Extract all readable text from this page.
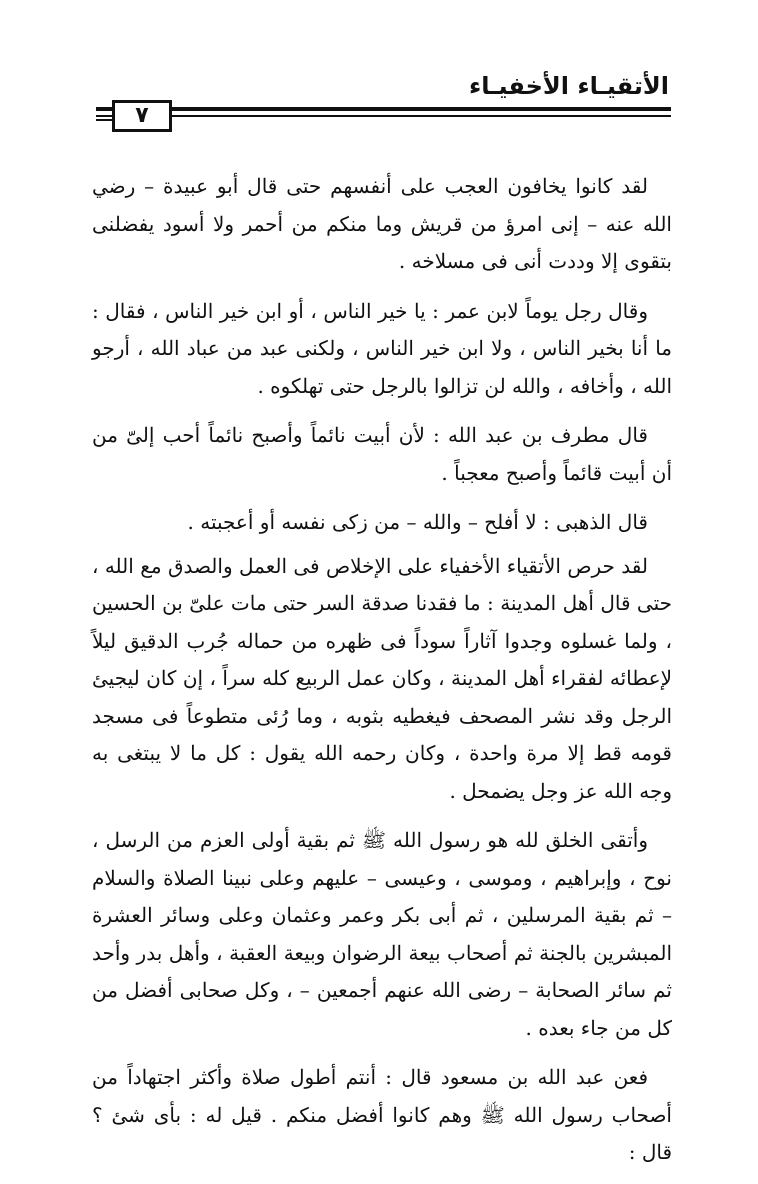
الأتقيـاء الأخفيـاء
٧

لقد كانوا يخافون العجب على أنفسهم حتى قال أبو عبيدة – رضي الله عنه – إنى امرؤ من قريش وما منكم من أحمر ولا أسود يفضلنى بتقوى إلا وددت أنى فى مسلاخه .

وقال رجل يوماً لابن عمر : يا خير الناس ، أو ابن خير الناس ، فقال : ما أنا بخير الناس ، ولا ابن خير الناس ، ولكنى عبد من عباد الله ، أرجو الله ، وأخافه ، والله لن تزالوا بالرجل حتى تهلكوه .

قال مطرف بن عبد الله : لأن أبيت نائماً وأصبح نائماً أحب إلىّ من أن أبيت قائماً وأصبح معجباً .

قال الذهبى : لا أفلح – والله – من زكى نفسه أو أعجبته .

لقد حرص الأتقياء الأخفياء على الإخلاص فى العمل والصدق مع الله ، حتى قال أهل المدينة : ما فقدنا صدقة السر حتى مات علىّ بن الحسين ، ولما غسلوه وجدوا آثاراً سوداً فى ظهره من حماله جُرب الدقيق ليلاً لإعطائه لفقراء أهل المدينة ، وكان عمل الربيع كله سراً ، إن كان ليجيئ الرجل وقد نشر المصحف فيغطيه بثوبه ، وما رُئى متطوعاً فى مسجد قومه قط إلا مرة واحدة ، وكان رحمه الله يقول : كل ما لا يبتغى به وجه الله عز وجل يضمحل .

وأتقى الخلق لله هو رسول الله ﷺ ثم بقية أولى العزم من الرسل ، نوح ، وإبراهيم ، وموسى ، وعيسى – عليهم وعلى نبينا الصلاة والسلام – ثم بقية المرسلين ، ثم أبى بكر وعمر وعثمان وعلى وسائر العشرة المبشرين بالجنة ثم أصحاب بيعة الرضوان وبيعة العقبة ، وأهل بدر وأحد ثم سائر الصحابة – رضى الله عنهم أجمعين – ، وكل صحابى أفضل من كل من جاء بعده .

فعن عبد الله بن مسعود قال : أنتم أطول صلاة وأكثر اجتهاداً من أصحاب رسول الله ﷺ وهم كانوا أفضل منكم . قيل له : بأى شئ ؟ قال :
